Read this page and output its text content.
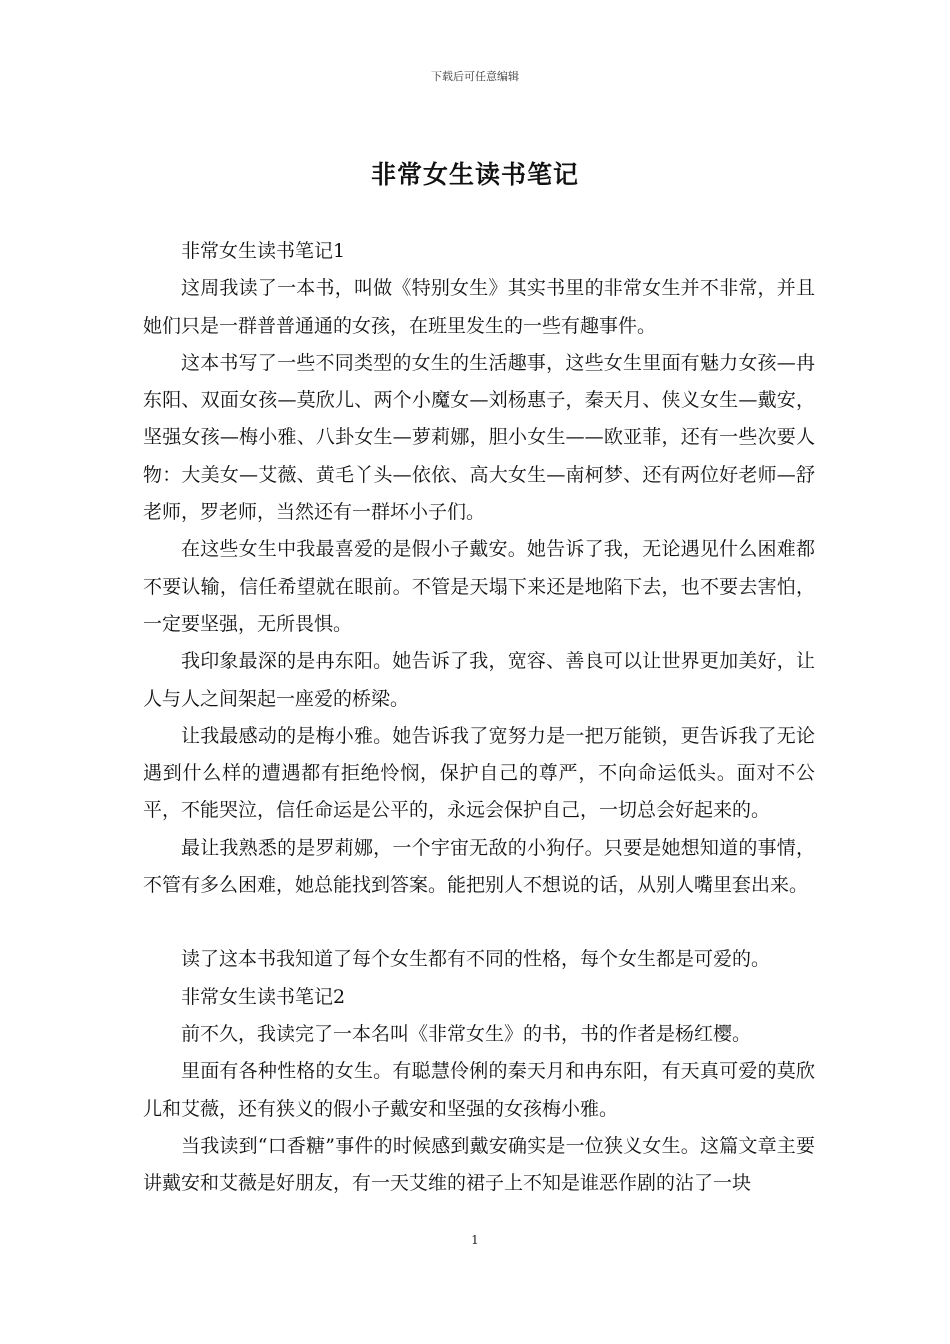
下载后可任意编辑
非常女生读书笔记

非常女生读书笔记1

这周我读了一本书，叫做《特别女生》其实书里的非常女生并不非常，并且她们只是一群普普通通的女孩，在班里发生的一些有趣事件。

这本书写了一些不同类型的女生的生活趣事，这些女生里面有魅力女孩—冉东阳、双面女孩—莫欣儿、两个小魔女—刘杨惠子，秦天月、侠义女生—戴安，坚强女孩—梅小雅、八卦女生—萝莉娜，胆小女生——欧亚菲，还有一些次要人物：大美女—艾薇、黄毛丫头—依依、高大女生—南柯梦、还有两位好老师—舒老师，罗老师，当然还有一群坏小子们。

在这些女生中我最喜爱的是假小子戴安。她告诉了我，无论遇见什么困难都不要认输，信任希望就在眼前。不管是天塌下来还是地陷下去，也不要去害怕，一定要坚强，无所畏惧。

我印象最深的是冉东阳。她告诉了我，宽容、善良可以让世界更加美好，让人与人之间架起一座爱的桥梁。

让我最感动的是梅小雅。她告诉我了宽努力是一把万能锁，更告诉我了无论遇到什么样的遭遇都有拒绝怜悯，保护自己的尊严，不向命运低头。面对不公平，不能哭泣，信任命运是公平的，永远会保护自己，一切总会好起来的。

最让我熟悉的是罗莉娜，一个宇宙无敌的小狗仔。只要是她想知道的事情，不管有多么困难，她总能找到答案。能把别人不想说的话，从别人嘴里套出来。

读了这本书我知道了每个女生都有不同的性格，每个女生都是可爱的。

非常女生读书笔记2

前不久，我读完了一本名叫《非常女生》的书，书的作者是杨红樱。

里面有各种性格的女生。有聪慧伶俐的秦天月和冉东阳，有天真可爱的莫欣儿和艾薇，还有狭义的假小子戴安和坚强的女孩梅小雅。

当我读到“口香糖”事件的时候感到戴安确实是一位狭义女生。这篇文章主要讲戴安和艾薇是好朋友，有一天艾维的裙子上不知是谁恶作剧的沾了一块

1
